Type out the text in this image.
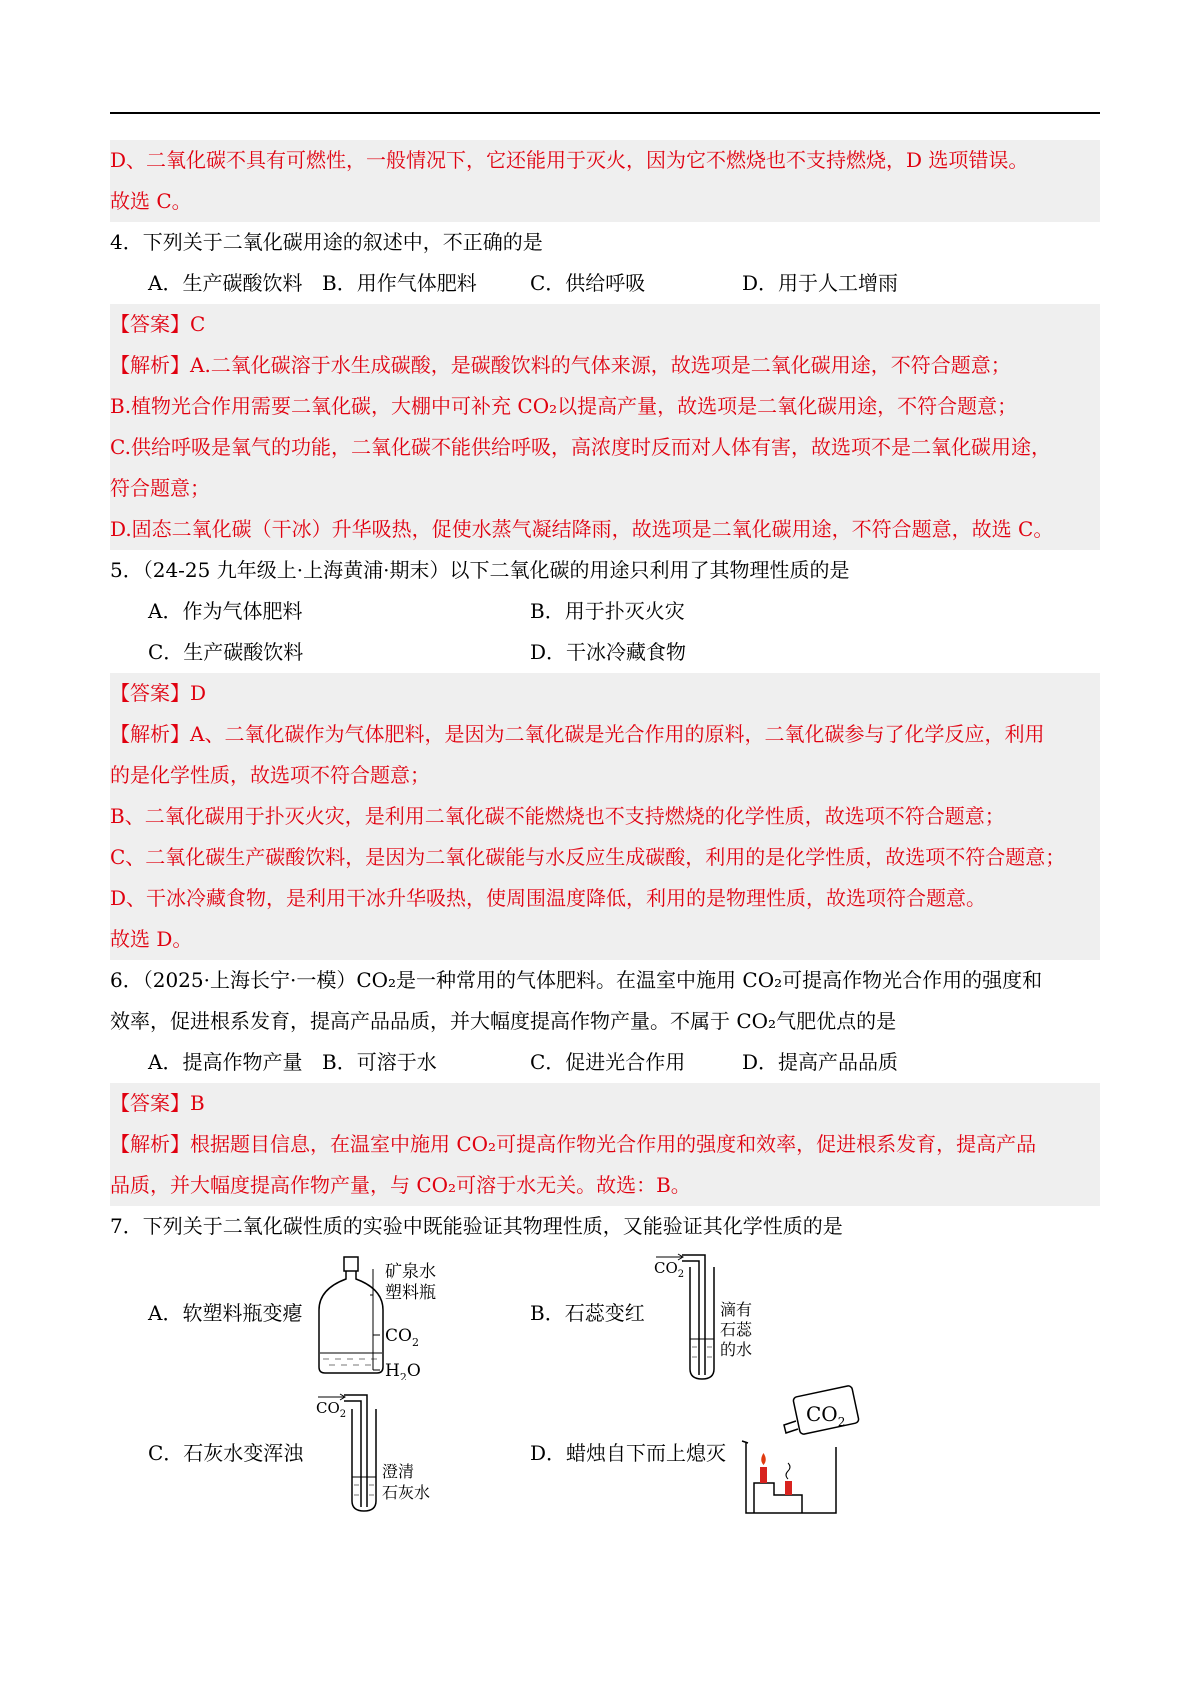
D、二氧化碳不具有可燃性，一般情况下，它还能用于灭火，因为它不燃烧也不支持燃烧，D 选项错误。
故选 C。
4．下列关于二氧化碳用途的叙述中，不正确的是
A．生产碳酸饮料 B．用作气体肥料	C．供给呼吸	D．用于人工增雨
【答案】C
【解析】A.二氧化碳溶于水生成碳酸，是碳酸饮料的气体来源，故选项是二氧化碳用途，不符合题意；
B.植物光合作用需要二氧化碳，大棚中可补充 CO₂以提高产量，故选项是二氧化碳用途，不符合题意；
C.供给呼吸是氧气的功能，二氧化碳不能供给呼吸，高浓度时反而对人体有害，故选项不是二氧化碳用途，
符合题意；
D.固态二氧化碳（干冰）升华吸热，促使水蒸气凝结降雨，故选项是二氧化碳用途，不符合题意，故选 C。
5．（24-25 九年级上·上海黄浦·期末）以下二氧化碳的用途只利用了其物理性质的是
A．作为气体肥料	B．用于扑灭火灾
C．生产碳酸饮料	D．干冰冷藏食物
【答案】D
【解析】A、二氧化碳作为气体肥料，是因为二氧化碳是光合作用的原料，二氧化碳参与了化学反应，利用
的是化学性质，故选项不符合题意；
B、二氧化碳用于扑灭火灾，是利用二氧化碳不能燃烧也不支持燃烧的化学性质，故选项不符合题意；
C、二氧化碳生产碳酸饮料，是因为二氧化碳能与水反应生成碳酸，利用的是化学性质，故选项不符合题意；
D、干冰冷藏食物，是利用干冰升华吸热，使周围温度降低，利用的是物理性质，故选项符合题意。
故选 D。
6．（2025·上海长宁·一模）CO₂是一种常用的气体肥料。在温室中施用 CO₂可提高作物光合作用的强度和
效率，促进根系发育，提高产品品质，并大幅度提高作物产量。不属于 CO₂气肥优点的是
A．提高作物产量 B．可溶于水	C．促进光合作用	D．提高产品品质
【答案】B
【解析】根据题目信息，在温室中施用 CO₂可提高作物光合作用的强度和效率，促进根系发育，提高产品
品质，并大幅度提高作物产量，与 CO₂可溶于水无关。故选：B。
7．下列关于二氧化碳性质的实验中既能验证其物理性质，又能验证其化学性质的是
A．软塑料瓶变瘪
矿泉水
塑料瓶
$CO_2$
$H_2O$
B．石蕊变红
$CO_2$
滴有
石蕊
的水
C．石灰水变浑浊
$CO_2$
澄清
石灰水
D．蜡烛自下而上熄灭
$CO_2$
